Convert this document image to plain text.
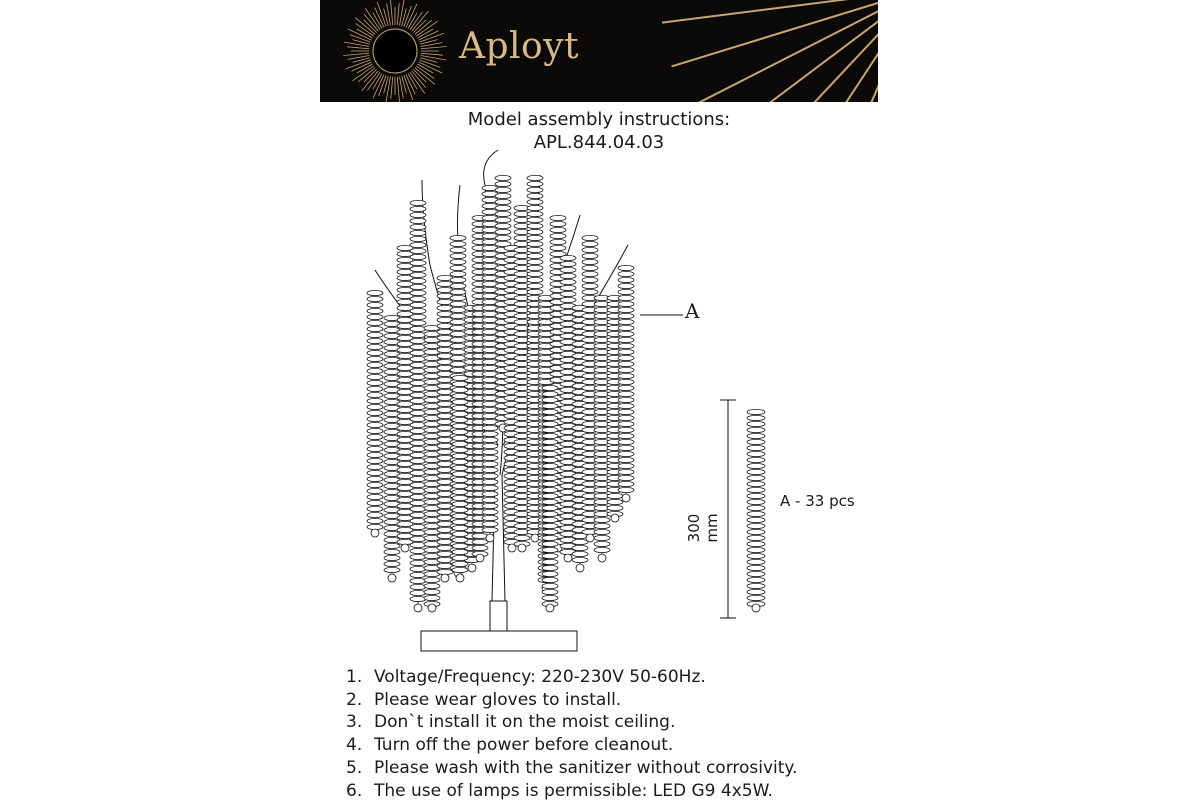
Aployt
Model assembly instructions:
APL.844.04.03
A
300 mm
A - 33 pcs
1. Voltage/Frequency: 220-230V 50-60Hz.
2. Please wear gloves to install.
3. Don`t install it on the moist ceiling.
4. Turn off the power before cleanout.
5. Please wash with the sanitizer without corrosivity.
6. The use of lamps is permissible: LED G9 4x5W.
